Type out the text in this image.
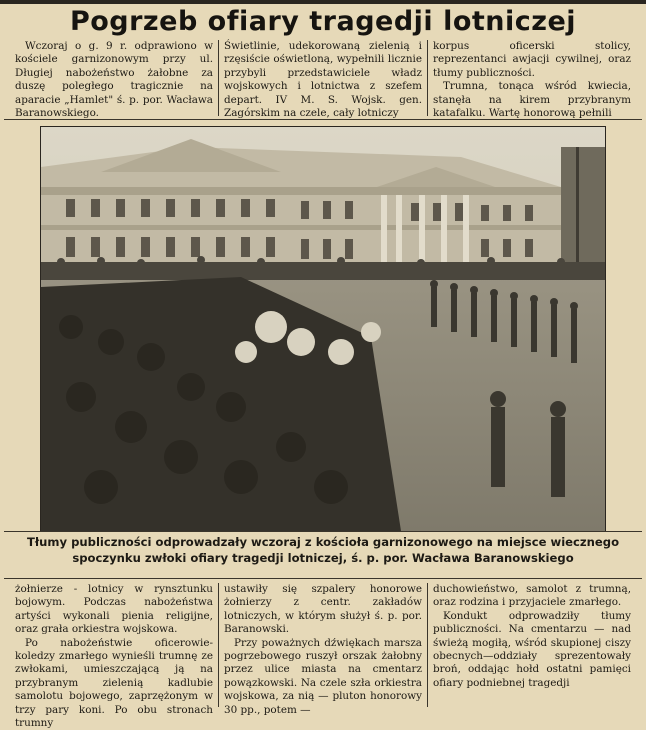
Pogrzeb ofiary tragedji lotniczej

Wczoraj o g. 9 r. odprawiono w kościele garnizonowym przy ul. Długiej nabożeństwo żałobne za duszę poległego tragicznie na aparacie „Hamlet" ś. p. por. Wacława Baranowskiego.

Świetlinie, udekorowaną zielenią i rzęsiście oświetloną, wypełnili licznie przybyli przedstawiciele władz wojskowych i lotnictwa z szefem depart. IV M. S. Wojsk. gen. Zagórskim na czele, cały lotniczy

korpus oficerski stolicy, reprezentanci awjacji cywilnej, oraz tłumy publiczności.

Trumna, tonąca wśród kwiecia, stanęła na kirem przybranym katafalku. Wartę honorową pełnili

Tłumy publiczności odprowadzały wczoraj z kościoła garnizonowego na miejsce wiecznego spoczynku zwłoki ofiary tragedji lotniczej, ś. p. por. Wacława Baranowskiego

żołnierze - lotnicy w rynsztunku bojowym. Podczas nabożeństwa artyści wykonali pienia religijne, oraz grała orkiestra wojskowa.

Po nabożeństwie oficerowie-koledzy zmarłego wynieśli trumnę ze zwłokami, umieszczającą ją na przybranym zielenią kadlubie samolotu bojowego, zaprzężonym w trzy pary koni. Po obu stronach trumny

ustawiły się szpalery honorowe żołnierzy z centr. zakładów lotniczych, w którym służył ś. p. por. Baranowski.

Przy poważnych dźwiękach marsza pogrzebowego ruszył orszak żałobny przez ulice miasta na cmentarz powązkowski. Na czele szła orkiestra wojskowa, za nią — pluton honorowy 30 pp., potem —

duchowieństwo, samolot z trumną, oraz rodzina i przyjaciele zmarłego.

Kondukt odprowadziły tłumy publiczności. Na cmentarzu — nad świeżą mogiłą, wśród skupionej ciszy obecnych—oddziały sprezentowały broń, oddając hołd ostatni pamięci ofiary podniebnej tragedji
